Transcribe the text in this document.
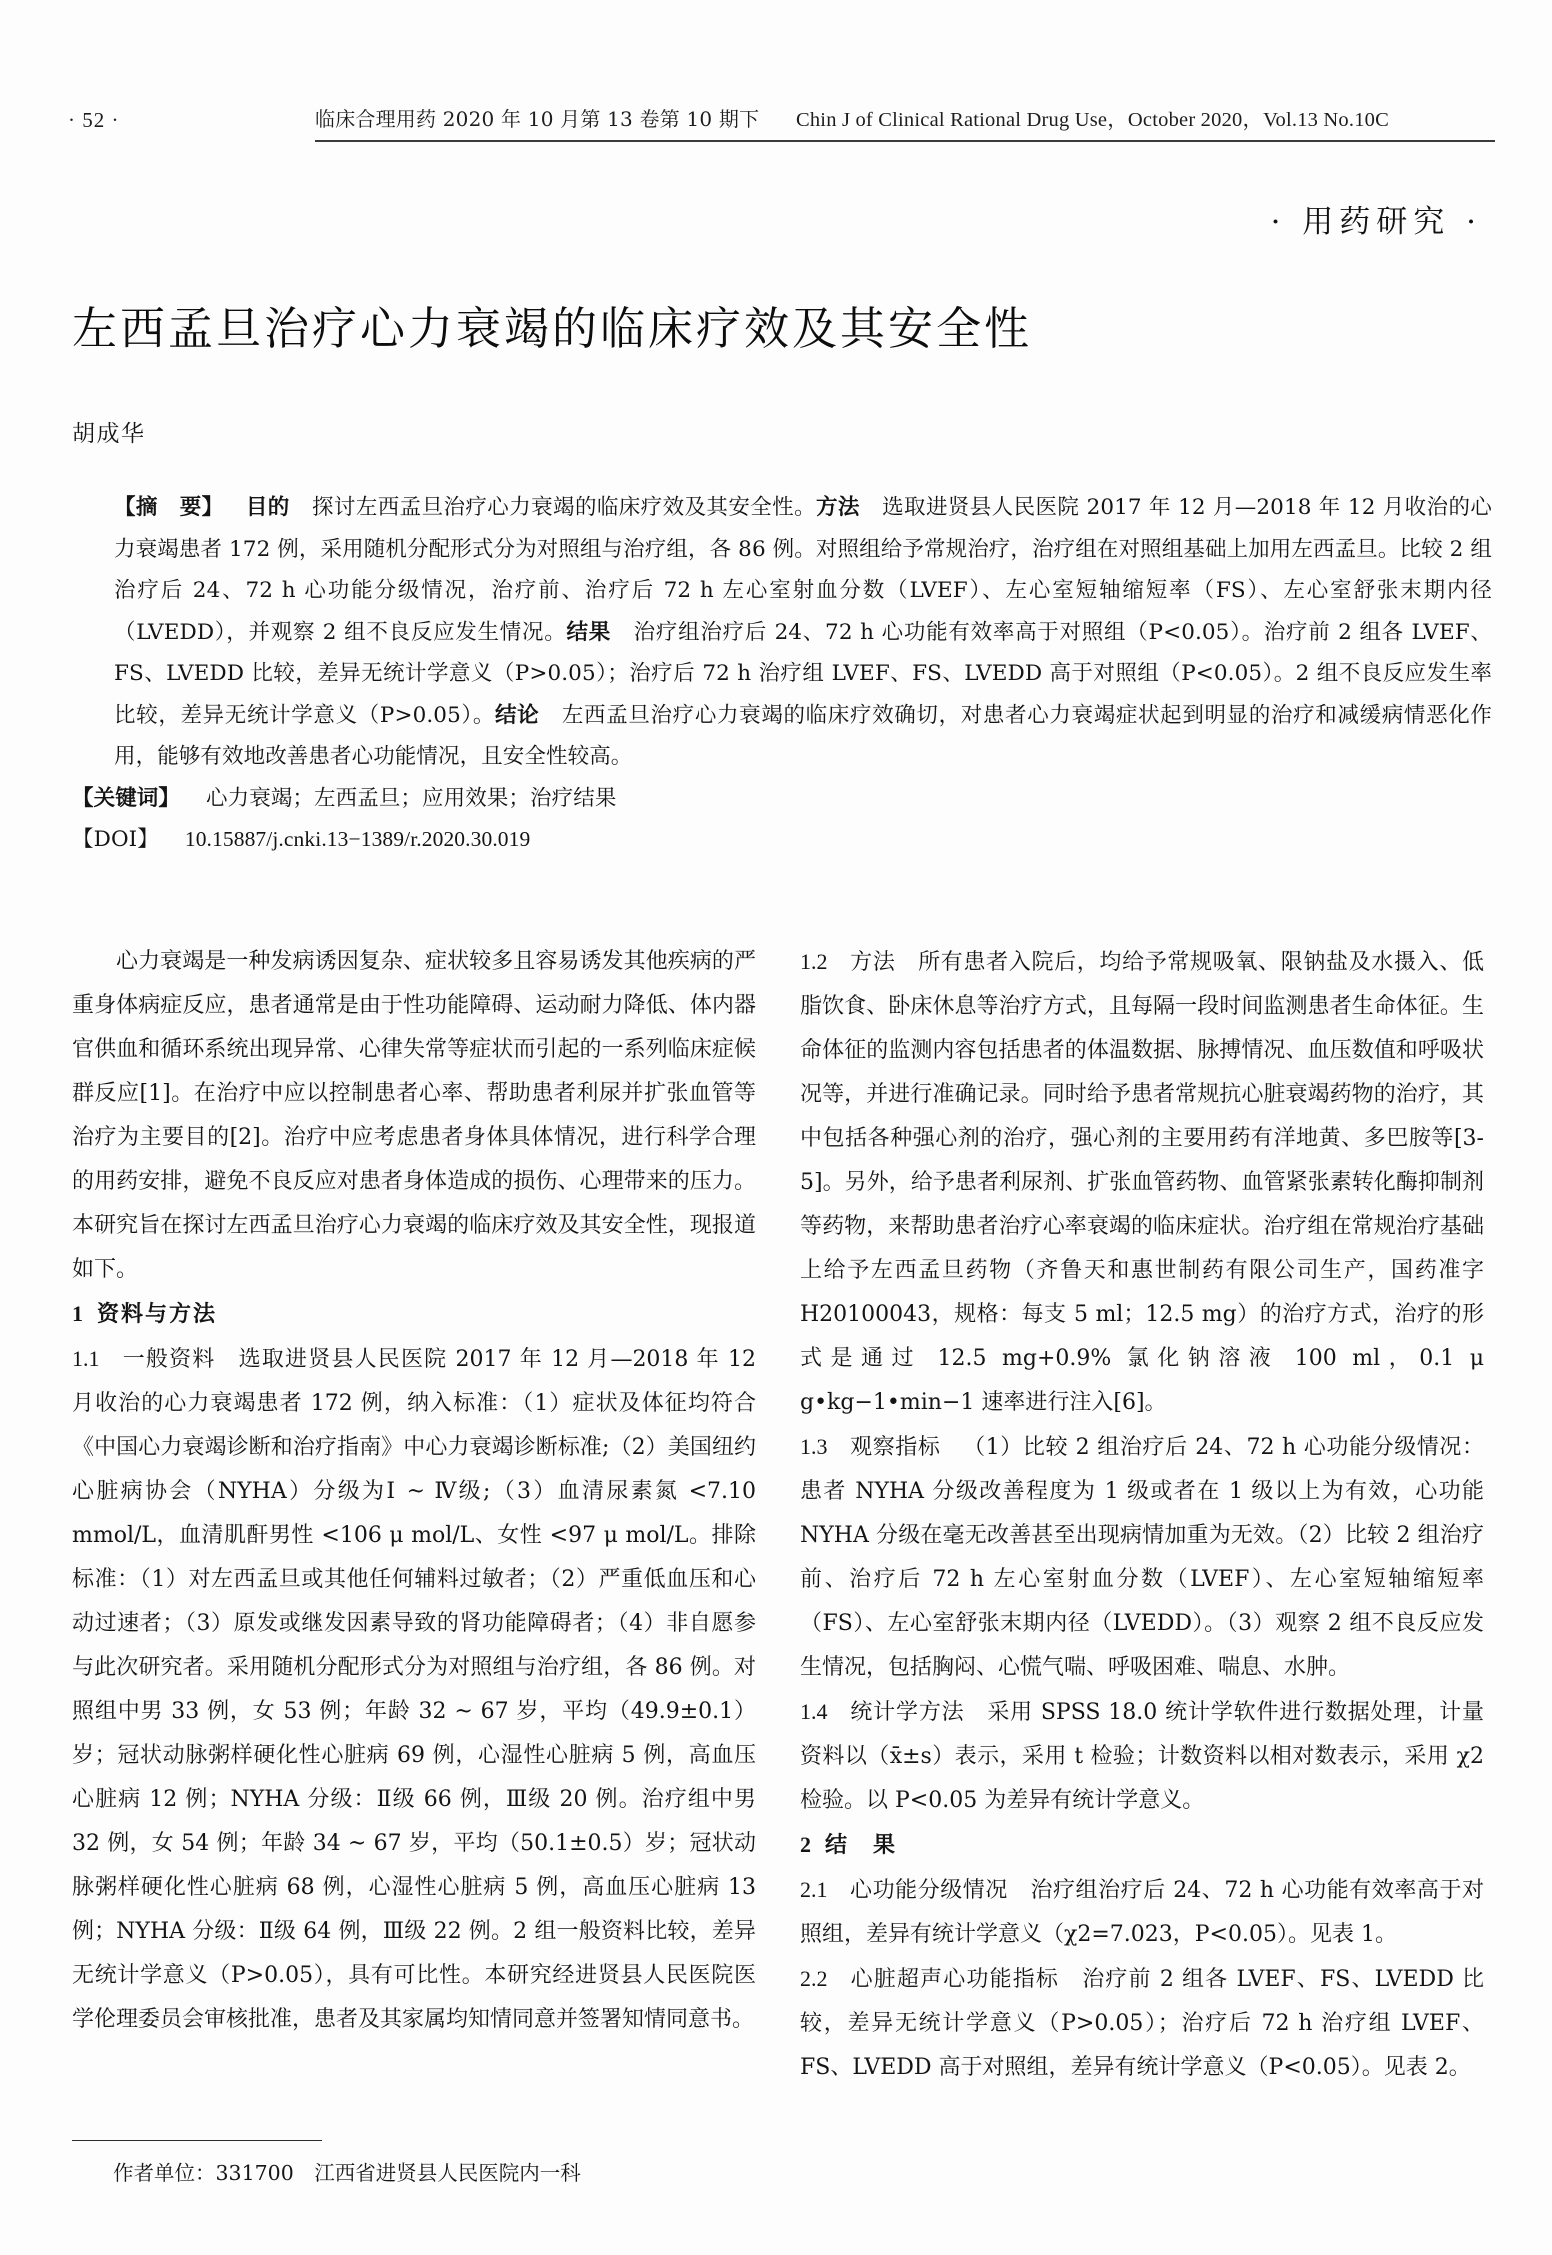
· 52 ·	临床合理用药 2020 年 10 月第 13 卷第 10 期下 Chin J of Clinical Rational Drug Use，October 2020，Vol.13 No.10C
· 用药研究 ·
左西孟旦治疗心力衰竭的临床疗效及其安全性
胡成华

【摘　要】 目的 探讨左西孟旦治疗心力衰竭的临床疗效及其安全性。方法 选取进贤县人民医院 2017 年 12 月—2018 年 12 月收治的心力衰竭患者 172 例，采用随机分配形式分为对照组与治疗组，各 86 例。对照组给予常规治疗，治疗组在对照组基础上加用左西孟旦。比较 2 组治疗后 24、72 h 心功能分级情况，治疗前、治疗后 72 h 左心室射血分数（LVEF）、左心室短轴缩短率（FS）、左心室舒张末期内径（LVEDD），并观察 2 组不良反应发生情况。结果 治疗组治疗后 24、72 h 心功能有效率高于对照组（P<0.05）。治疗前 2 组各 LVEF、FS、LVEDD 比较，差异无统计学意义（P>0.05）；治疗后 72 h 治疗组 LVEF、FS、LVEDD 高于对照组（P<0.05）。2 组不良反应发生率比较，差异无统计学意义（P>0.05）。结论 左西孟旦治疗心力衰竭的临床疗效确切，对患者心力衰竭症状起到明显的治疗和减缓病情恶化作用，能够有效地改善患者心功能情况，且安全性较高。

【关键词】 心力衰竭；左西孟旦；应用效果；治疗结果

【DOI】 10.15887/j.cnki.13−1389/r.2020.30.019

心力衰竭是一种发病诱因复杂、症状较多且容易诱发其他疾病的严重身体病症反应，患者通常是由于性功能障碍、运动耐力降低、体内器官供血和循环系统出现异常、心律失常等症状而引起的一系列临床症候群反应[1]。在治疗中应以控制患者心率、帮助患者利尿并扩张血管等治疗为主要目的[2]。治疗中应考虑患者身体具体情况，进行科学合理的用药安排，避免不良反应对患者身体造成的损伤、心理带来的压力。本研究旨在探讨左西孟旦治疗心力衰竭的临床疗效及其安全性，现报道如下。

1 资料与方法

1.1 一般资料 选取进贤县人民医院 2017 年 12 月—2018 年 12 月收治的心力衰竭患者 172 例，纳入标准：（1）症状及体征均符合《中国心力衰竭诊断和治疗指南》中心力衰竭诊断标准;（2）美国纽约心脏病协会（NYHA）分级为Ⅰ ~ Ⅳ级;（3）血清尿素氮 <7.10 mmol/L，血清肌酐男性 <106 μ mol/L、女性 <97 μ mol/L。排除标准：（1）对左西孟旦或其他任何辅料过敏者；（2）严重低血压和心动过速者；（3）原发或继发因素导致的肾功能障碍者；（4）非自愿参与此次研究者。采用随机分配形式分为对照组与治疗组，各 86 例。对照组中男 33 例，女 53 例；年龄 32 ~ 67 岁，平均（49.9±0.1）岁；冠状动脉粥样硬化性心脏病 69 例，心湿性心脏病 5 例，高血压心脏病 12 例；NYHA 分级：Ⅱ级 66 例，Ⅲ级 20 例。治疗组中男 32 例，女 54 例；年龄 34 ~ 67 岁，平均（50.1±0.5）岁；冠状动脉粥样硬化性心脏病 68 例，心湿性心脏病 5 例，高血压心脏病 13 例；NYHA 分级：Ⅱ级 64 例，Ⅲ级 22 例。2 组一般资料比较，差异无统计学意义（P>0.05），具有可比性。本研究经进贤县人民医院医学伦理委员会审核批准，患者及其家属均知情同意并签署知情同意书。

1.2 方法 所有患者入院后，均给予常规吸氧、限钠盐及水摄入、低脂饮食、卧床休息等治疗方式，且每隔一段时间监测患者生命体征。生命体征的监测内容包括患者的体温数据、脉搏情况、血压数值和呼吸状况等，并进行准确记录。同时给予患者常规抗心脏衰竭药物的治疗，其中包括各种强心剂的治疗，强心剂的主要用药有洋地黄、多巴胺等[3-5]。另外，给予患者利尿剂、扩张血管药物、血管紧张素转化酶抑制剂等药物，来帮助患者治疗心率衰竭的临床症状。治疗组在常规治疗基础上给予左西孟旦药物（齐鲁天和惠世制药有限公司生产，国药准字 H20100043，规格：每支 5 ml；12.5 mg）的治疗方式，治疗的形式是通过 12.5 mg+0.9% 氯化钠溶液 100 ml，0.1 μ g•kg−1•min−1 速率进行注入[6]。

1.3 观察指标 （1）比较 2 组治疗后 24、72 h 心功能分级情况：患者 NYHA 分级改善程度为 1 级或者在 1 级以上为有效，心功能 NYHA 分级在毫无改善甚至出现病情加重为无效。（2）比较 2 组治疗前、治疗后 72 h 左心室射血分数（LVEF）、左心室短轴缩短率（FS）、左心室舒张末期内径（LVEDD）。（3）观察 2 组不良反应发生情况，包括胸闷、心慌气喘、呼吸困难、喘息、水肿。

1.4 统计学方法 采用 SPSS 18.0 统计学软件进行数据处理，计量资料以（x̄±s）表示，采用 t 检验；计数资料以相对数表示，采用 χ2 检验。以 P<0.05 为差异有统计学意义。

2 结　果

2.1 心功能分级情况 治疗组治疗后 24、72 h 心功能有效率高于对照组，差异有统计学意义（χ2=7.023，P<0.05）。见表 1。

2.2 心脏超声心功能指标 治疗前 2 组各 LVEF、FS、LVEDD 比较，差异无统计学意义（P>0.05）；治疗后 72 h 治疗组 LVEF、FS、LVEDD 高于对照组，差异有统计学意义（P<0.05）。见表 2。

作者单位：331700　江西省进贤县人民医院内一科
